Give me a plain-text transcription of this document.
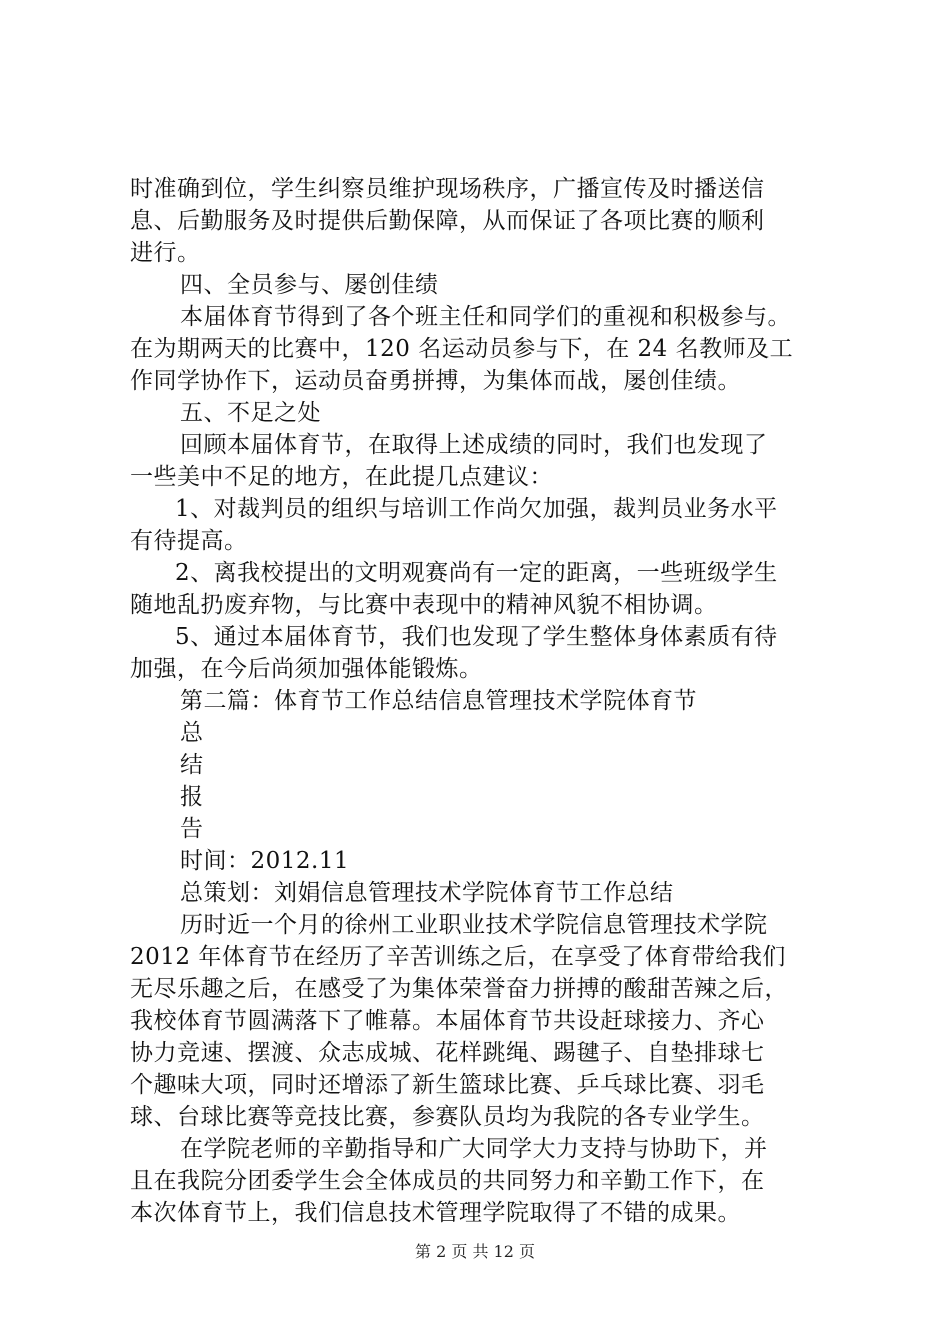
时准确到位，学生纠察员维护现场秩序，广播宣传及时播送信
息、后勤服务及时提供后勤保障，从而保证了各项比赛的顺利
进行。
四、全员参与、屡创佳绩
本届体育节得到了各个班主任和同学们的重视和积极参与。
在为期两天的比赛中，120 名运动员参与下，在 24 名教师及工
作同学协作下，运动员奋勇拼搏，为集体而战，屡创佳绩。
五、不足之处
回顾本届体育节，在取得上述成绩的同时，我们也发现了
一些美中不足的地方，在此提几点建议：
1、对裁判员的组织与培训工作尚欠加强，裁判员业务水平
有待提高。
2、离我校提出的文明观赛尚有一定的距离，一些班级学生
随地乱扔废弃物，与比赛中表现中的精神风貌不相协调。
5、通过本届体育节，我们也发现了学生整体身体素质有待
加强，在今后尚须加强体能锻炼。
第二篇：体育节工作总结信息管理技术学院体育节
总
结
报
告
时间：2012.11
总策划：刘娟信息管理技术学院体育节工作总结
历时近一个月的徐州工业职业技术学院信息管理技术学院
2012 年体育节在经历了辛苦训练之后，在享受了体育带给我们
无尽乐趣之后，在感受了为集体荣誉奋力拼搏的酸甜苦辣之后，
我校体育节圆满落下了帷幕。本届体育节共设赶球接力、齐心
协力竞速、摆渡、众志成城、花样跳绳、踢毽子、自垫排球七
个趣味大项，同时还增添了新生篮球比赛、乒乓球比赛、羽毛
球、台球比赛等竞技比赛，参赛队员均为我院的各专业学生。
在学院老师的辛勤指导和广大同学大力支持与协助下，并
且在我院分团委学生会全体成员的共同努力和辛勤工作下，在
本次体育节上，我们信息技术管理学院取得了不错的成果。
第 2 页 共 12 页
